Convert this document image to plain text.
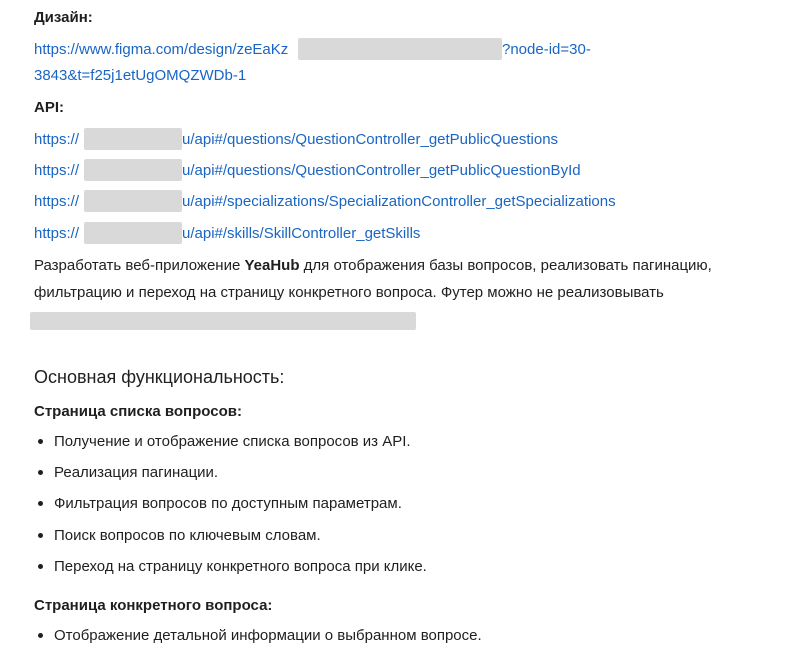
Дизайн:
https://www.figma.com/design/zeEaKz	?node-id=30-
3843&t=f25j1etUgOMQZWDb-1
API:
https://	u/api#/questions/QuestionController_getPublicQuestions
https://	u/api#/questions/QuestionController_getPublicQuestionById
https://	u/api#/specializations/SpecializationController_getSpecializations
https://	u/api#/skills/SkillController_getSkills
Разработать веб-приложение YeaHub для отображения базы вопросов, реализовать пагинацию,
фильтрацию и переход на страницу конкретного вопроса. Футер можно не реализовывать
Основная функциональность:
Страница списка вопросов:
Получение и отображение списка вопросов из API.
Реализация пагинации.
Фильтрация вопросов по доступным параметрам.
Поиск вопросов по ключевым словам.
Переход на страницу конкретного вопроса при клике.
Страница конкретного вопроса:
Отображение детальной информации о выбранном вопросе.
